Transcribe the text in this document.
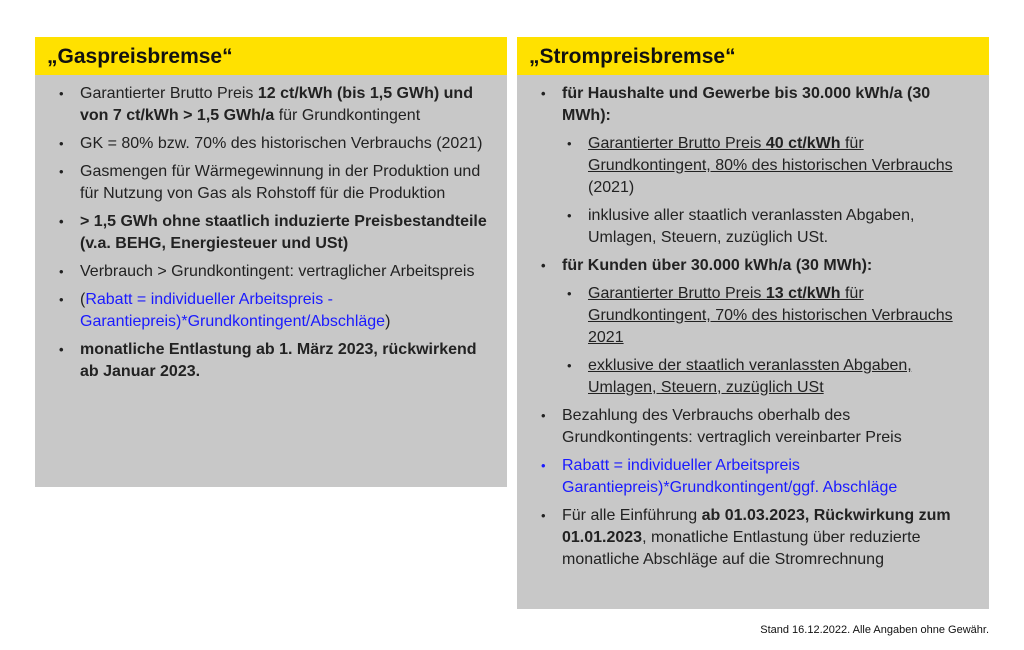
„Gaspreisbremse“
• Garantierter Brutto Preis 12 ct/kWh (bis 1,5 GWh) und von 7 ct/kWh > 1,5 GWh/a für Grundkontingent
• GK = 80% bzw. 70% des historischen Verbrauchs (2021)
• Gasmengen für Wärmegewinnung in der Produktion und für Nutzung von Gas als Rohstoff für die Produktion
• > 1,5 GWh ohne staatlich induzierte Preisbestandteile (v.a. BEHG, Energiesteuer und USt)
• Verbrauch > Grundkontingent: vertraglicher Arbeitspreis
• (Rabatt = individueller Arbeitspreis - Garantiepreis)*Grundkontingent/Abschläge)
• monatliche Entlastung ab 1. März 2023, rückwirkend ab Januar 2023.
„Strompreisbremse“
• für Haushalte und Gewerbe bis 30.000 kWh/a (30 MWh):
• Garantierter Brutto Preis 40 ct/kWh für Grundkontingent, 80% des historischen Verbrauchs (2021)
• inklusive aller staatlich veranlassten Abgaben, Umlagen, Steuern, zuzüglich USt.
• für Kunden über 30.000 kWh/a (30 MWh):
• Garantierter Brutto Preis 13 ct/kWh für Grundkontingent, 70% des historischen Verbrauchs 2021
• exklusive der staatlich veranlassten Abgaben, Umlagen, Steuern, zuzüglich USt
• Bezahlung des Verbrauchs oberhalb des Grundkontingents: vertraglich vereinbarter Preis
• Rabatt = individueller Arbeitspreis Garantiepreis)*Grundkontingent/ggf. Abschläge
• Für alle Einführung ab 01.03.2023, Rückwirkung zum 01.01.2023, monatliche Entlastung über reduzierte monatliche Abschläge auf die Stromrechnung
Stand 16.12.2022. Alle Angaben ohne Gewähr.
